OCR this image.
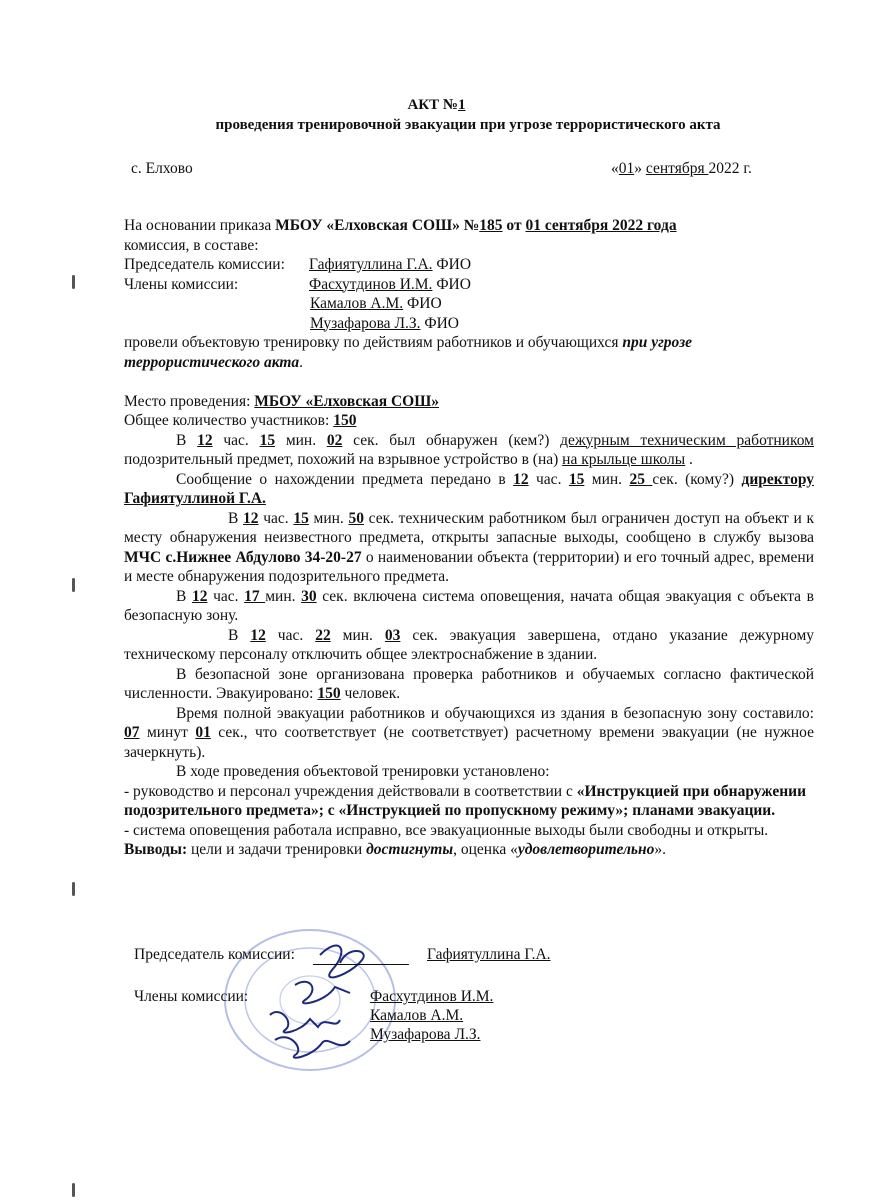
АКТ №1
проведения тренировочной эвакуации при угрозе террористического акта
с. Елхово	«01» сентября 2022 г.
На основании приказа МБОУ «Елховская СОШ» №185 от 01 сентября 2022 года
комиссия, в составе:
Председатель комиссии: Гафиятуллина Г.А. ФИО
Члены комиссии:	Фасхутдинов И.М. ФИО
Камалов А.М. ФИО
Музафарова Л.З. ФИО
провели объектовую тренировку по действиям работников и обучающихся при угрозе террористического акта.
Место проведения: МБОУ «Елховская СОШ»
Общее количество участников: 150
В 12 час. 15 мин. 02 сек. был обнаружен (кем?) дежурным техническим работником подозрительный предмет, похожий на взрывное устройство в (на) на крыльце школы .
Сообщение о нахождении предмета передано в 12 час. 15 мин. 25 сек. (кому?) директору Гафиятуллиной Г.А.
В 12 час. 15 мин. 50 сек. техническим работником был ограничен доступ на объект и к месту обнаружения неизвестного предмета, открыты запасные выходы, сообщено в службу вызова МЧС с.Нижнее Абдулово 34-20-27 о наименовании объекта (территории) и его точный адрес, времени и месте обнаружения подозрительного предмета.
В 12 час. 17 мин. 30 сек. включена система оповещения, начата общая эвакуация с объекта в безопасную зону.
В 12 час. 22 мин. 03 сек. эвакуация завершена, отдано указание дежурному техническому персоналу отключить общее электроснабжение в здании.
В безопасной зоне организована проверка работников и обучаемых согласно фактической численности. Эвакуировано: 150 человек.
Время полной эвакуации работников и обучающихся из здания в безопасную зону составило: 07 минут 01 сек., что соответствует (не соответствует) расчетному времени эвакуации (не нужное зачеркнуть).
В ходе проведения объектовой тренировки установлено:
- руководство и персонал учреждения действовали в соответствии с «Инструкцией при обнаружении подозрительного предмета»; с «Инструкцией по пропускному режиму»; планами эвакуации.
- система оповещения работала исправно, все эвакуационные выходы были свободны и открыты.
Выводы: цели и задачи тренировки достигнуты, оценка «удовлетворительно».
Председатель комиссии:	Гафиятуллина Г.А.
Члены комиссии:	Фасхутдинов И.М.
Камалов А.М.
Музафарова Л.З.
